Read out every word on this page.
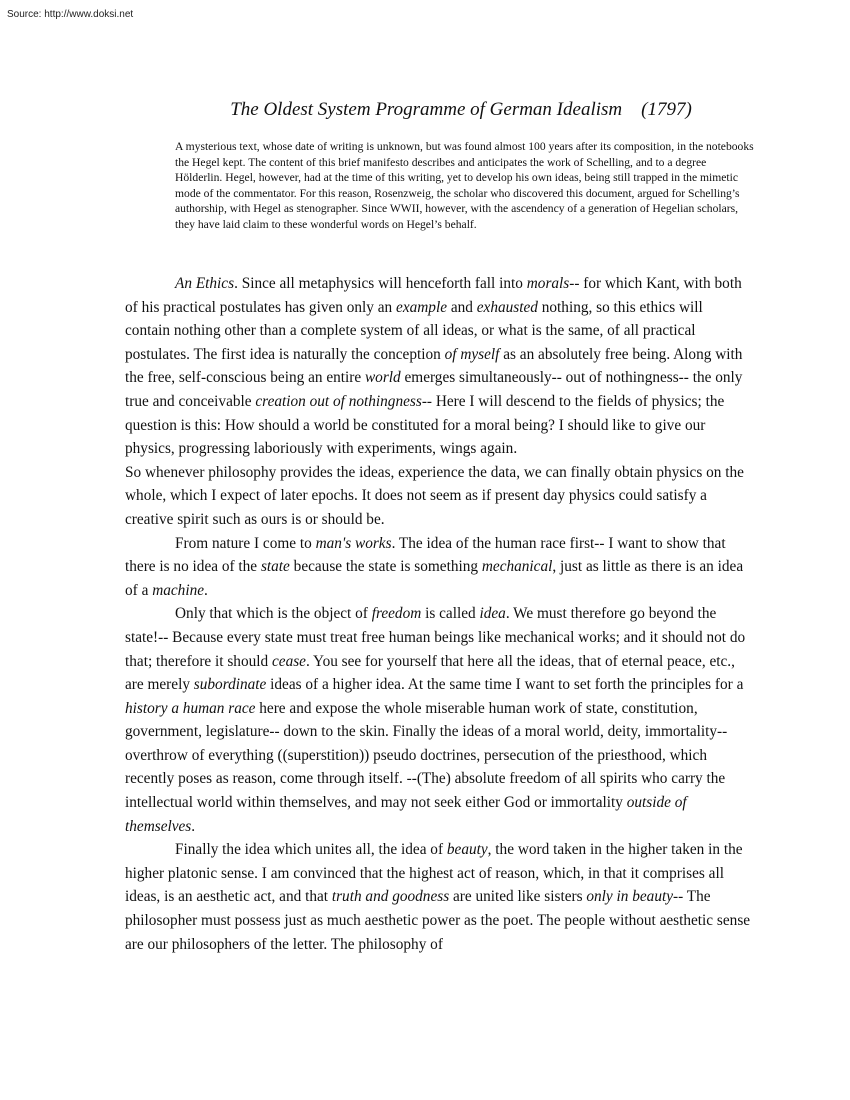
Source: http://www.doksi.net
The Oldest System Programme of German Idealism    (1797)
A mysterious text, whose date of writing is unknown, but was found almost 100 years after its composition, in the notebooks the Hegel kept. The content of this brief manifesto describes and anticipates the work of Schelling, and to a degree Hölderlin. Hegel, however, had at the time of this writing, yet to develop his own ideas, being still trapped in the mimetic mode of the commentator. For this reason, Rosenzweig, the scholar who discovered this document, argued for Schelling’s authorship, with Hegel as stenographer. Since WWII, however, with the ascendency of a generation of Hegelian scholars, they have laid claim to these wonderful words on Hegel’s behalf.

An Ethics. Since all metaphysics will henceforth fall into morals-- for which Kant, with both of his practical postulates has given only an example and exhausted nothing, so this ethics will contain nothing other than a complete system of all ideas, or what is the same, of all practical postulates. The first idea is naturally the conception of myself as an absolutely free being. Along with the free, self-conscious being an entire world emerges simultaneously-- out of nothingness-- the only true and conceivable creation out of nothingness-- Here I will descend to the fields of physics; the question is this: How should a world be constituted for a moral being? I should like to give our physics, progressing laboriously with experiments, wings again.

So whenever philosophy provides the ideas, experience the data, we can finally obtain physics on the whole, which I expect of later epochs. It does not seem as if present day physics could satisfy a creative spirit such as ours is or should be.

From nature I come to man's works. The idea of the human race first-- I want to show that there is no idea of the state because the state is something mechanical, just as little as there is an idea of a machine.

Only that which is the object of freedom is called idea. We must therefore go beyond the state!-- Because every state must treat free human beings like mechanical works; and it should not do that; therefore it should cease. You see for yourself that here all the ideas, that of eternal peace, etc., are merely subordinate ideas of a higher idea. At the same time I want to set forth the principles for a history a human race here and expose the whole miserable human work of state, constitution, government, legislature-- down to the skin. Finally the ideas of a moral world, deity, immortality-- overthrow of everything ((superstition)) pseudo doctrines, persecution of the priesthood, which recently poses as reason, come through itself. --(The) absolute freedom of all spirits who carry the intellectual world within themselves, and may not seek either God or immortality outside of themselves.

Finally the idea which unites all, the idea of beauty, the word taken in the higher taken in the higher platonic sense. I am convinced that the highest act of reason, which, in that it comprises all ideas, is an aesthetic act, and that truth and goodness are united like sisters only in beauty-- The philosopher must possess just as much aesthetic power as the poet. The people without aesthetic sense are our philosophers of the letter. The philosophy of
